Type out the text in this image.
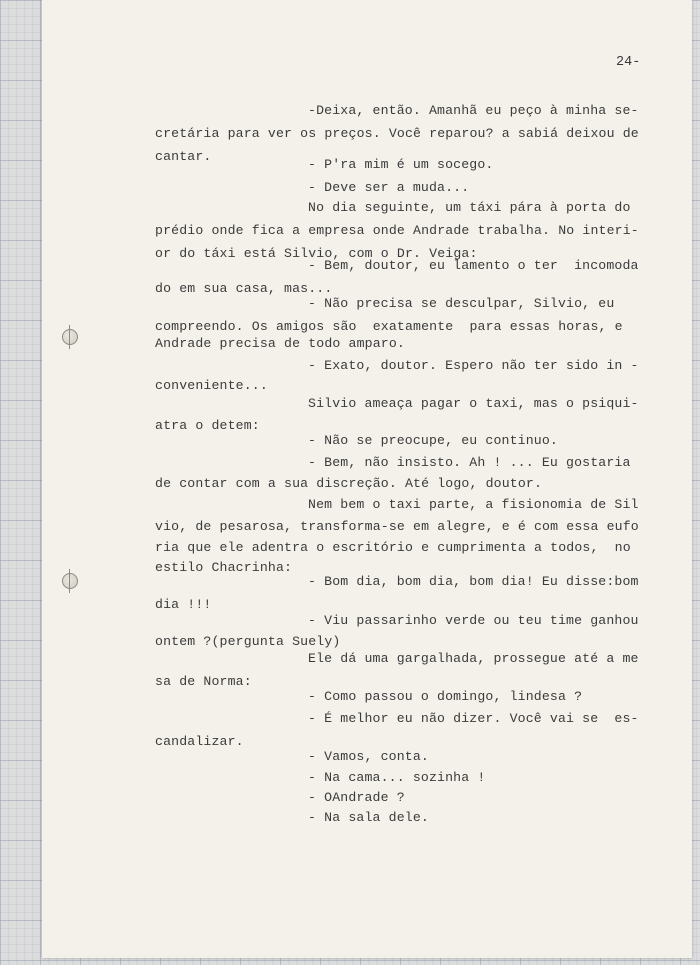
24-
-Deixa, então. Amanhã eu peço à minha se-
cretária para ver os preços. Você reparou? a sabiá deixou de
cantar.
- P'ra mim é um socego.
- Deve ser a muda...
No dia seguinte, um táxi pára à porta do
prédio onde fica a empresa onde Andrade trabalha. No interi-
or do táxi está Silvio, com o Dr. Veiga:
- Bem, doutor, eu lamento o ter  incomoda
do em sua casa, mas...
- Não precisa se desculpar, Silvio, eu
compreendo. Os amigos são  exatamente  para essas horas, e
Andrade precisa de todo amparo.
- Exato, doutor. Espero não ter sido in -
conveniente...
Silvio ameaça pagar o taxi, mas o psiqui-
atra o detem:
- Não se preocupe, eu continuo.
- Bem, não insisto. Ah ! ... Eu gostaria
de contar com a sua discreção. Até logo, doutor.
Nem bem o taxi parte, a fisionomia de Sil
vio, de pesarosa, transforma-se em alegre, e é com essa eufo
ria que ele adentra o escritório e cumprimenta a todos,  no
estilo Chacrinha:
- Bom dia, bom dia, bom dia! Eu disse:bom
dia !!!
- Viu passarinho verde ou teu time ganhou
ontem ?(pergunta Suely)
Ele dá uma gargalhada, prossegue até a me
sa de Norma:
- Como passou o domingo, lindesa ?
- É melhor eu não dizer. Você vai se  es-
candalizar.
- Vamos, conta.
- Na cama... sozinha !
- OAndrade ?
- Na sala dele.
